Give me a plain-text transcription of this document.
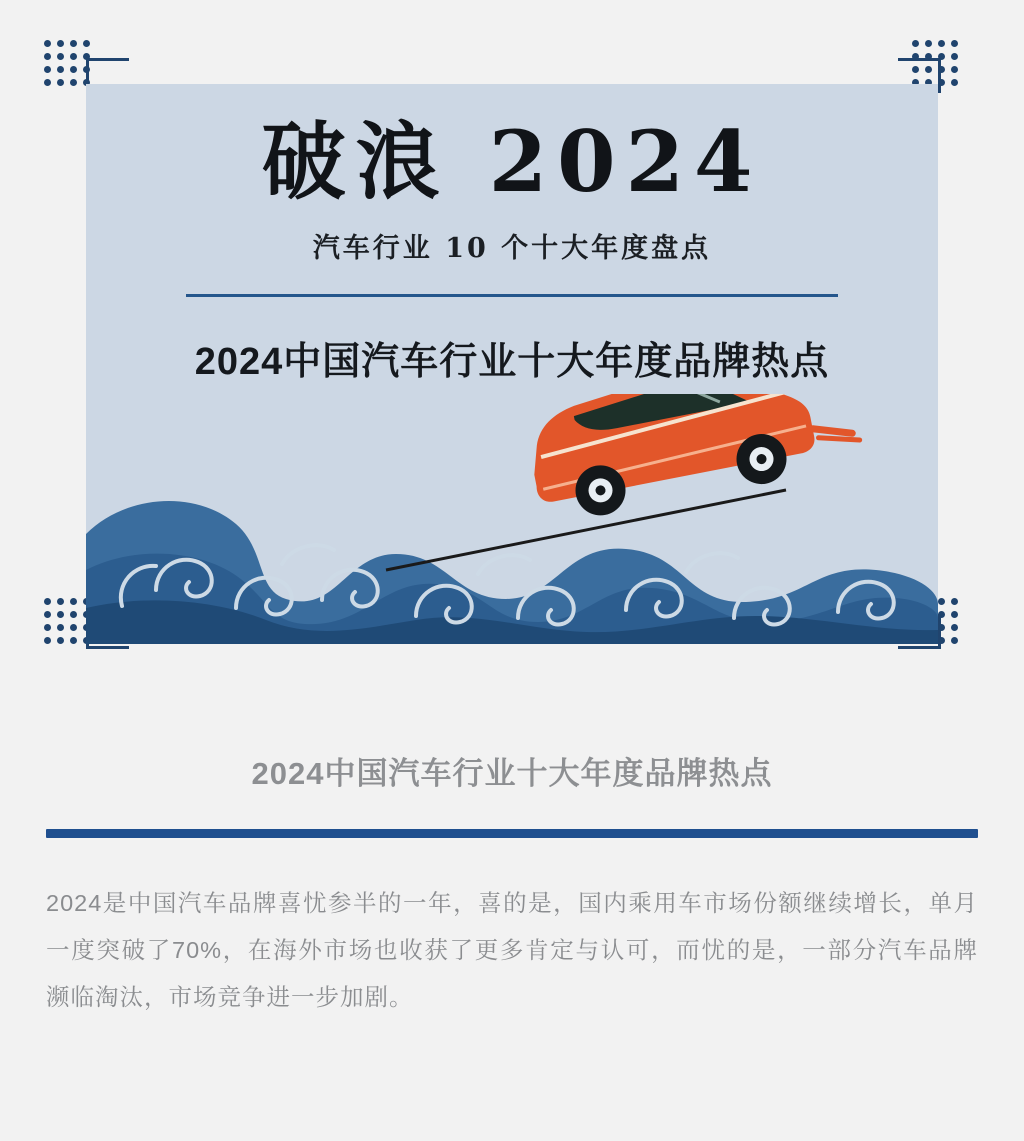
破浪 2024
汽车行业 10 个十大年度盘点
2024中国汽车行业十大年度品牌热点
2024中国汽车行业十大年度品牌热点

2024是中国汽车品牌喜忧参半的一年，喜的是，国内乘用车市场份额继续增长，单月一度突破了70%，在海外市场也收获了更多肯定与认可，而忧的是，一部分汽车品牌濒临淘汰，市场竞争进一步加剧。
